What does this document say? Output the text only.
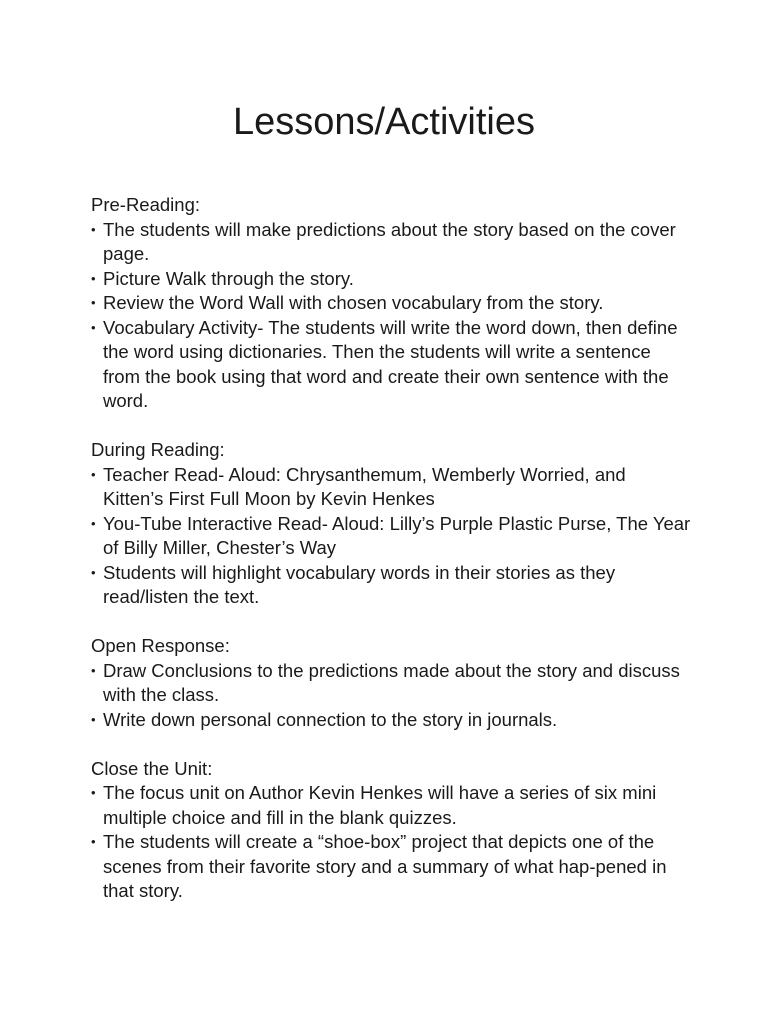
Lessons/Activities
Pre-Reading:
• The students will make predictions about the story based on the cover page.
• Picture Walk through the story.
• Review the Word Wall with chosen vocabulary from the story.
• Vocabulary Activity- The students will write the word down, then define the word using dictionaries. Then the students will write a sentence from the book using that word and create their own sentence with the word.
During Reading:
• Teacher Read- Aloud: Chrysanthemum, Wemberly Worried, and Kitten’s First Full Moon by Kevin Henkes
• You-Tube Interactive Read- Aloud: Lilly’s Purple Plastic Purse, The Year of Billy Miller, Chester’s Way
• Students will highlight vocabulary words in their stories as they read/listen the text.
Open Response:
• Draw Conclusions to the predictions made about the story and discuss with the class.
• Write down personal connection to the story in journals.
Close the Unit:
• The focus unit on Author Kevin Henkes will have a series of six mini multiple choice and fill in the blank quizzes.
• The students will create a “shoe-box” project that depicts one of the scenes from their favorite story and a summary of what hap-pened in that story.
